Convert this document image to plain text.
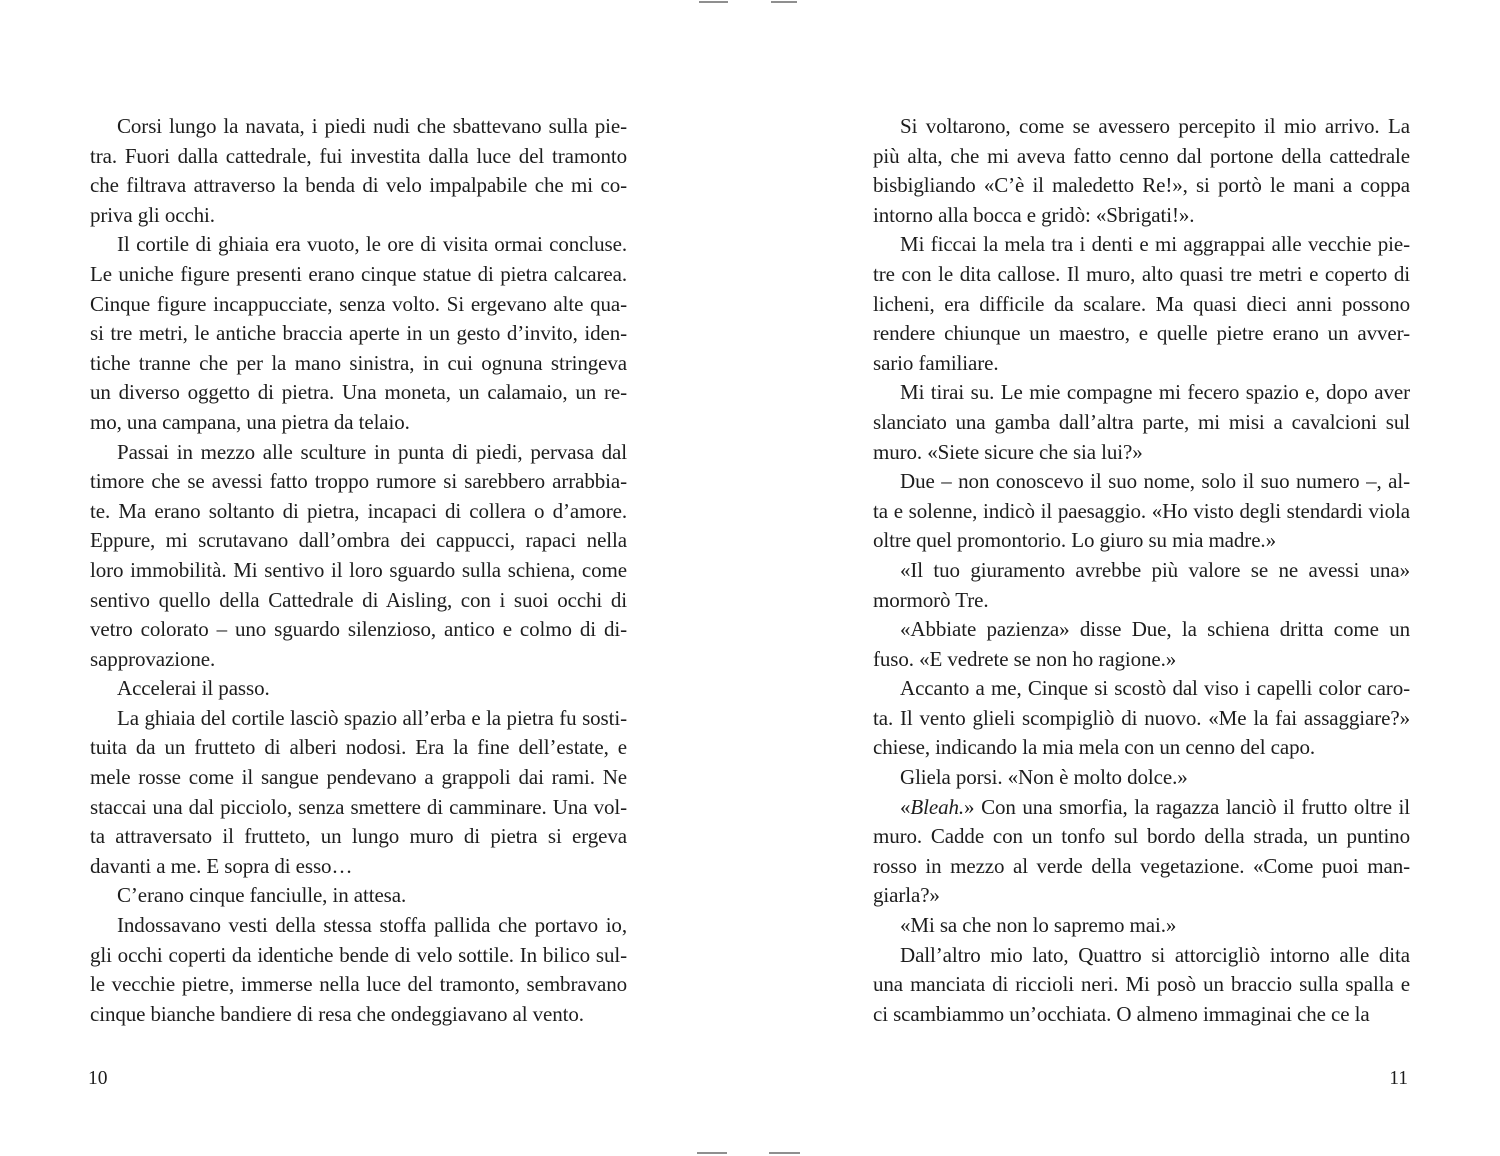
Corsi lungo la navata, i piedi nudi che sbattevano sulla pie-
tra. Fuori dalla cattedrale, fui investita dalla luce del tramonto
che filtrava attraverso la benda di velo impalpabile che mi co-
priva gli occhi.
Il cortile di ghiaia era vuoto, le ore di visita ormai concluse.
Le uniche figure presenti erano cinque statue di pietra calcarea.
Cinque figure incappucciate, senza volto. Si ergevano alte qua-
si tre metri, le antiche braccia aperte in un gesto d’invito, iden-
tiche tranne che per la mano sinistra, in cui ognuna stringeva
un diverso oggetto di pietra. Una moneta, un calamaio, un re-
mo, una campana, una pietra da telaio.
Passai in mezzo alle sculture in punta di piedi, pervasa dal
timore che se avessi fatto troppo rumore si sarebbero arrabbia-
te. Ma erano soltanto di pietra, incapaci di collera o d’amore.
Eppure, mi scrutavano dall’ombra dei cappucci, rapaci nella
loro immobilità. Mi sentivo il loro sguardo sulla schiena, come
sentivo quello della Cattedrale di Aisling, con i suoi occhi di
vetro colorato – uno sguardo silenzioso, antico e colmo di di-
sapprovazione.
Accelerai il passo.
La ghiaia del cortile lasciò spazio all’erba e la pietra fu sosti-
tuita da un frutteto di alberi nodosi. Era la fine dell’estate, e
mele rosse come il sangue pendevano a grappoli dai rami. Ne
staccai una dal picciolo, senza smettere di camminare. Una vol-
ta attraversato il frutteto, un lungo muro di pietra si ergeva
davanti a me. E sopra di esso…
C’erano cinque fanciulle, in attesa.
Indossavano vesti della stessa stoffa pallida che portavo io,
gli occhi coperti da identiche bende di velo sottile. In bilico sul-
le vecchie pietre, immerse nella luce del tramonto, sembravano
cinque bianche bandiere di resa che ondeggiavano al vento.
10
Si voltarono, come se avessero percepito il mio arrivo. La
più alta, che mi aveva fatto cenno dal portone della cattedrale
bisbigliando «C’è il maledetto Re!», si portò le mani a coppa
intorno alla bocca e gridò: «Sbrigati!».
Mi ficcai la mela tra i denti e mi aggrappai alle vecchie pie-
tre con le dita callose. Il muro, alto quasi tre metri e coperto di
licheni, era difficile da scalare. Ma quasi dieci anni possono
rendere chiunque un maestro, e quelle pietre erano un avver-
sario familiare.
Mi tirai su. Le mie compagne mi fecero spazio e, dopo aver
slanciato una gamba dall’altra parte, mi misi a cavalcioni sul
muro. «Siete sicure che sia lui?»
Due – non conoscevo il suo nome, solo il suo numero –, al-
ta e solenne, indicò il paesaggio. «Ho visto degli stendardi viola
oltre quel promontorio. Lo giuro su mia madre.»
«Il tuo giuramento avrebbe più valore se ne avessi una»
mormorò Tre.
«Abbiate pazienza» disse Due, la schiena dritta come un
fuso. «E vedrete se non ho ragione.»
Accanto a me, Cinque si scostò dal viso i capelli color caro-
ta. Il vento glieli scompigliò di nuovo. «Me la fai assaggiare?»
chiese, indicando la mia mela con un cenno del capo.
Gliela porsi. «Non è molto dolce.»
«Bleah.» Con una smorfia, la ragazza lanciò il frutto oltre il
muro. Cadde con un tonfo sul bordo della strada, un puntino
rosso in mezzo al verde della vegetazione. «Come puoi man-
giarla?»
«Mi sa che non lo sapremo mai.»
Dall’altro mio lato, Quattro si attorcigliò intorno alle dita
una manciata di riccioli neri. Mi posò un braccio sulla spalla e
ci scambiammo un’occhiata. O almeno immaginai che ce la
11
